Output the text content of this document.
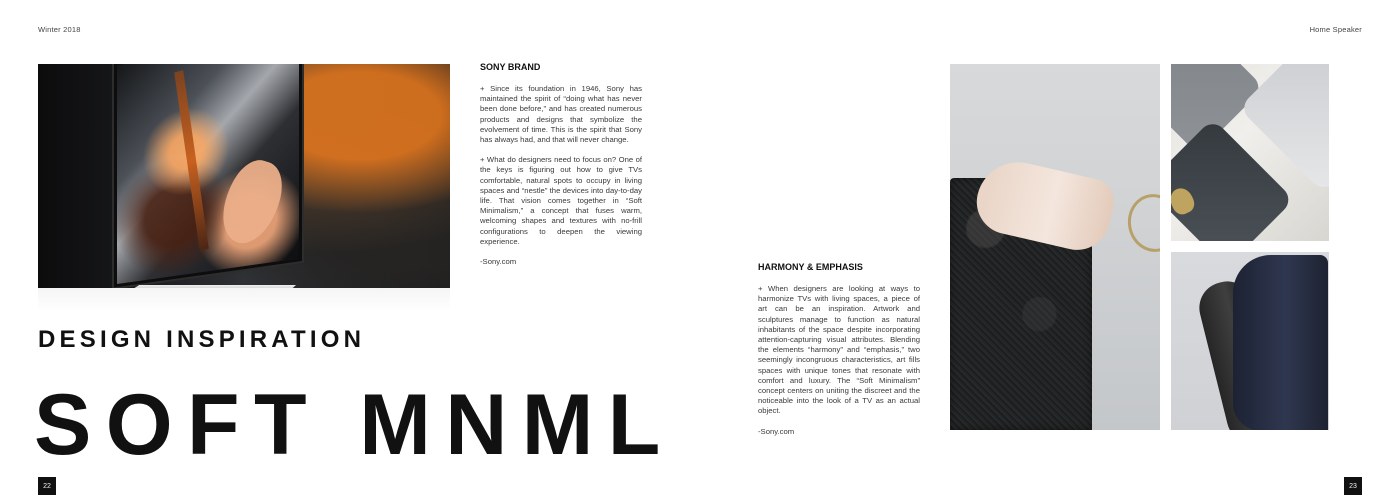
Winter 2018	Home Speaker
SONY BRAND

+ Since its foundation in 1946, Sony has maintained the spirit of “doing what has never been done before,” and has created numerous products and designs that symbolize the evolvement of time. This is the spirit that Sony has always had, and that will never change.

+ What do designers need to focus on? One of the keys is figuring out how to give TVs comfortable, natural spots to occupy in living spaces and “nestle” the devices into day-to-day life. That vision comes together in “Soft Minimalism,” a concept that fuses warm, welcoming shapes and textures with no-frill configurations to deepen the viewing experience.

-Sony.com

DESIGN INSPIRATION
SOFT MNML
HARMONY & EMPHASIS

+ When designers are looking at ways to harmonize TVs with living spaces, a piece of art can be an inspiration. Artwork and sculptures manage to function as natural inhabitants of the space despite incorporating attention-capturing visual attributes. Blending the elements “harmony” and “emphasis,” two seemingly incongruous characteristics, art fills spaces with unique tones that resonate with comfort and luxury. The “Soft Minimalism” concept centers on uniting the discreet and the noticeable into the look of a TV as an actual object.

-Sony.com

22	23
